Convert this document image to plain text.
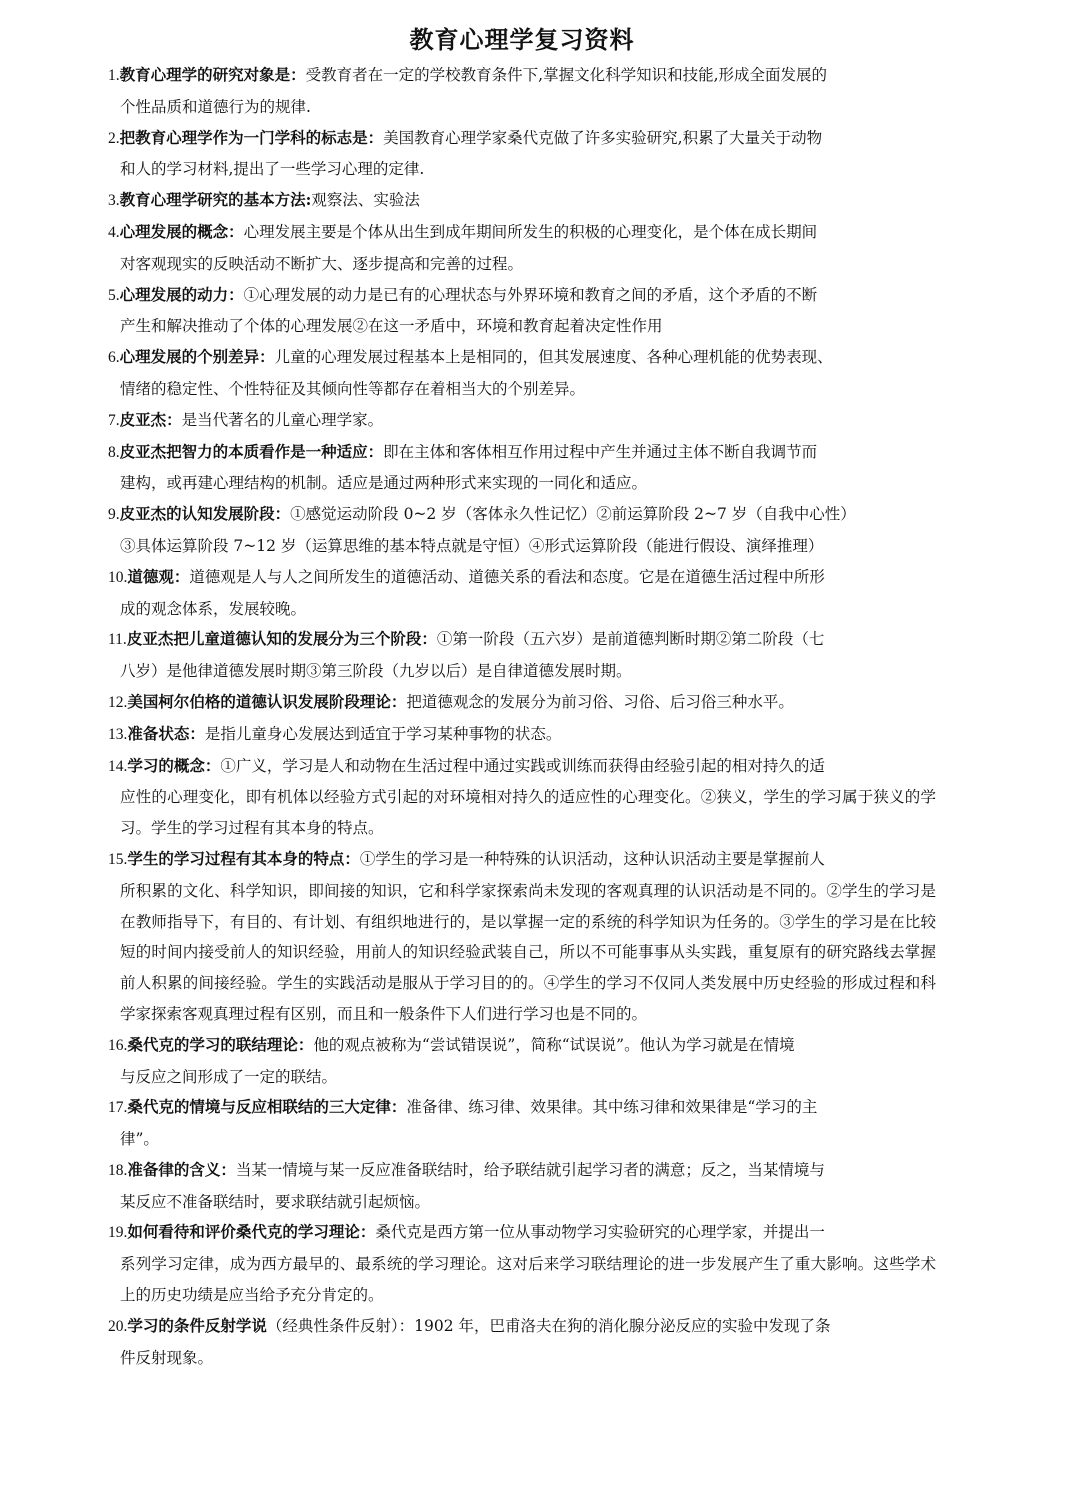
教育心理学复习资料
1.教育心理学的研究对象是：受教育者在一定的学校教育条件下,掌握文化科学知识和技能,形成全面发展的
个性品质和道德行为的规律.
2.把教育心理学作为一门学科的标志是：美国教育心理学家桑代克做了许多实验研究,积累了大量关于动物
和人的学习材料,提出了一些学习心理的定律.
3.教育心理学研究的基本方法:观察法、实验法
4.心理发展的概念：心理发展主要是个体从出生到成年期间所发生的积极的心理变化，是个体在成长期间
对客观现实的反映活动不断扩大、逐步提高和完善的过程。
5.心理发展的动力：①心理发展的动力是已有的心理状态与外界环境和教育之间的矛盾，这个矛盾的不断
产生和解决推动了个体的心理发展②在这一矛盾中，环境和教育起着决定性作用
6.心理发展的个别差异：儿童的心理发展过程基本上是相同的，但其发展速度、各种心理机能的优势表现、
情绪的稳定性、个性特征及其倾向性等都存在着相当大的个别差异。
7.皮亚杰：是当代著名的儿童心理学家。
8.皮亚杰把智力的本质看作是一种适应：即在主体和客体相互作用过程中产生并通过主体不断自我调节而
建构，或再建心理结构的机制。适应是通过两种形式来实现的一同化和适应。
9.皮亚杰的认知发展阶段：①感觉运动阶段 0~2 岁（客体永久性记忆）②前运算阶段 2~7 岁（自我中心性）
③具体运算阶段 7~12 岁（运算思维的基本特点就是守恒）④形式运算阶段（能进行假设、演绎推理）
10.道德观：道德观是人与人之间所发生的道德活动、道德关系的看法和态度。它是在道德生活过程中所形
成的观念体系，发展较晚。
11.皮亚杰把儿童道德认知的发展分为三个阶段：①第一阶段（五六岁）是前道德判断时期②第二阶段（七
八岁）是他律道德发展时期③第三阶段（九岁以后）是自律道德发展时期。
12.美国柯尔伯格的道德认识发展阶段理论：把道德观念的发展分为前习俗、习俗、后习俗三种水平。
13.准备状态：是指儿童身心发展达到适宜于学习某种事物的状态。
14.学习的概念：①广义，学习是人和动物在生活过程中通过实践或训练而获得由经验引起的相对持久的适
应性的心理变化，即有机体以经验方式引起的对环境相对持久的适应性的心理变化。②狭义，学生的学习属于狭义的学习。学生的学习过程有其本身的特点。
15.学生的学习过程有其本身的特点：①学生的学习是一种特殊的认识活动，这种认识活动主要是掌握前人
所积累的文化、科学知识，即间接的知识，它和科学家探索尚未发现的客观真理的认识活动是不同的。②学生的学习是在教师指导下，有目的、有计划、有组织地进行的，是以掌握一定的系统的科学知识为任务的。③学生的学习是在比较短的时间内接受前人的知识经验，用前人的知识经验武装自己，所以不可能事事从头实践，重复原有的研究路线去掌握前人积累的间接经验。学生的实践活动是服从于学习目的的。④学生的学习不仅同人类发展中历史经验的形成过程和科学家探索客观真理过程有区别，而且和一般条件下人们进行学习也是不同的。
16.桑代克的学习的联结理论：他的观点被称为“尝试错误说”，简称“试误说”。他认为学习就是在情境
与反应之间形成了一定的联结。
17.桑代克的情境与反应相联结的三大定律：准备律、练习律、效果律。其中练习律和效果律是“学习的主
律”。
18.准备律的含义：当某一情境与某一反应准备联结时，给予联结就引起学习者的满意；反之，当某情境与
某反应不准备联结时，要求联结就引起烦恼。
19.如何看待和评价桑代克的学习理论：桑代克是西方第一位从事动物学习实验研究的心理学家，并提出一
系列学习定律，成为西方最早的、最系统的学习理论。这对后来学习联结理论的进一步发展产生了重大影响。这些学术上的历史功绩是应当给予充分肯定的。
20.学习的条件反射学说（经典性条件反射）：1902 年，巴甫洛夫在狗的消化腺分泌反应的实验中发现了条
件反射现象。
